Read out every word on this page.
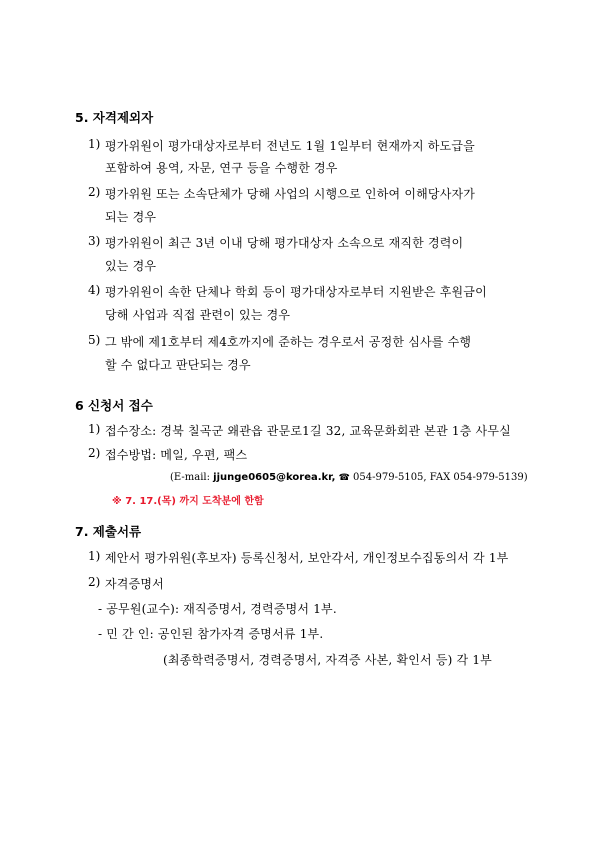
5. 자격제외자
1) 평가위원이 평가대상자로부터 전년도 1월 1일부터 현재까지 하도급을
포함하여 용역, 자문, 연구 등을 수행한 경우
2) 평가위원 또는 소속단체가 당해 사업의 시행으로 인하여 이해당사자가
되는 경우
3) 평가위원이 최근 3년 이내 당해 평가대상자 소속으로 재직한 경력이
있는 경우
4) 평가위원이 속한 단체나 학회 등이 평가대상자로부터 지원받은 후원금이
당해 사업과 직접 관련이 있는 경우
5) 그 밖에 제1호부터 제4호까지에 준하는 경우로서 공정한 심사를 수행
할 수 없다고 판단되는 경우
6 신청서 접수
1) 접수장소: 경북 칠곡군 왜관읍 관문로1길 32, 교육문화회관 본관 1층 사무실
2) 접수방법: 메일, 우편, 팩스
(E-mail: jjunge0605@korea.kr, ☎ 054-979-5105, FAX 054-979-5139)
※ 7. 17.(목) 까지 도착분에 한함
7. 제출서류
1) 제안서 평가위원(후보자) 등록신청서, 보안각서, 개인정보수집동의서 각 1부
2) 자격증명서
- 공무원(교수): 재직증명서, 경력증명서 1부.
- 민 간 인: 공인된 참가자격 증명서류 1부.
(최종학력증명서, 경력증명서, 자격증 사본, 확인서 등) 각 1부
